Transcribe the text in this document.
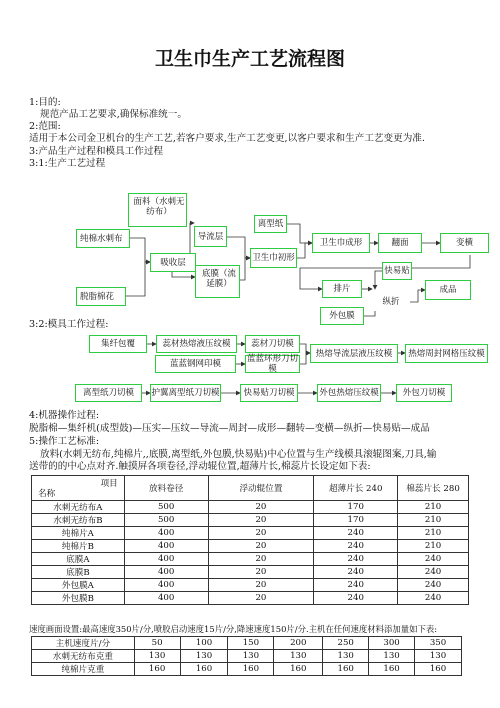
卫生巾生产工艺流程图
1:目的:
规范产品工艺要求,确保标准统一。
2:范围:
适用于本公司金卫机台的生产工艺,若客户要求,生产工艺变更,以客户要求和生产工艺变更为准.
3:产品生产过程和模具工作过程
3:1:生产工艺过程
纯棉水刺布
脱脂棉花
面料（水刺无纺布）
吸收层
导流层
底膜（流延膜）
离型纸
卫生巾初形
卫生巾成形	翻面	变横
快易贴
排片
外包膜
纵折
成品
3:2:模具工作过程:
集纤包覆	蕊材热熔液压纹模	蕊材刀切模
蓝蓝钢网印模	蓝蓝环形刀切模
热熔导流层液压纹模	热熔周封网格压纹模
离型纸刀切模	护翼离型纸刀切模	快易贴刀切模	外包热熔压纹模	外包刀切模
4:机器操作过程:
脱脂棉—集纤机(成型鼓)—压实—压纹—导流—周封—成形—翻转—变横—纵折—快易贴—成品
5:操作工艺标准:
放料(水刺无纺布,纯棉片,,底膜,离型纸,外包膜,快易贴)中心位置与生产线模具滚辊图案,刀具,输
送带的的中心点对齐.触摸屏各项卷径,浮动辊位置,超薄片长,棉蕊片长设定如下表:
项目
名称	放料卷径	浮动辊位置	超薄片长 240	棉蕊片长 280
水刺无纺布A	500	20	170	210
水刺无纺布B	500	20	170	210
纯棉片A	400	20	240	210
纯棉片B	400	20	240	210
底膜A	400	20	240	240
底膜B	400	20	240	240
外包膜A	400	20	240	240
外包膜B	400	20	240	240
速度画面设置:最高速度350片/分,喷胶启动速度15片/分,降速速度150片/分.主机在任何速度材料添加量如下表:
主机速度片/分	50	100	150	200	250	300	350
水刺无纺布克重	130	130	130	130	130	130	130
纯棉片克重	160	160	160	160	160	160	160
